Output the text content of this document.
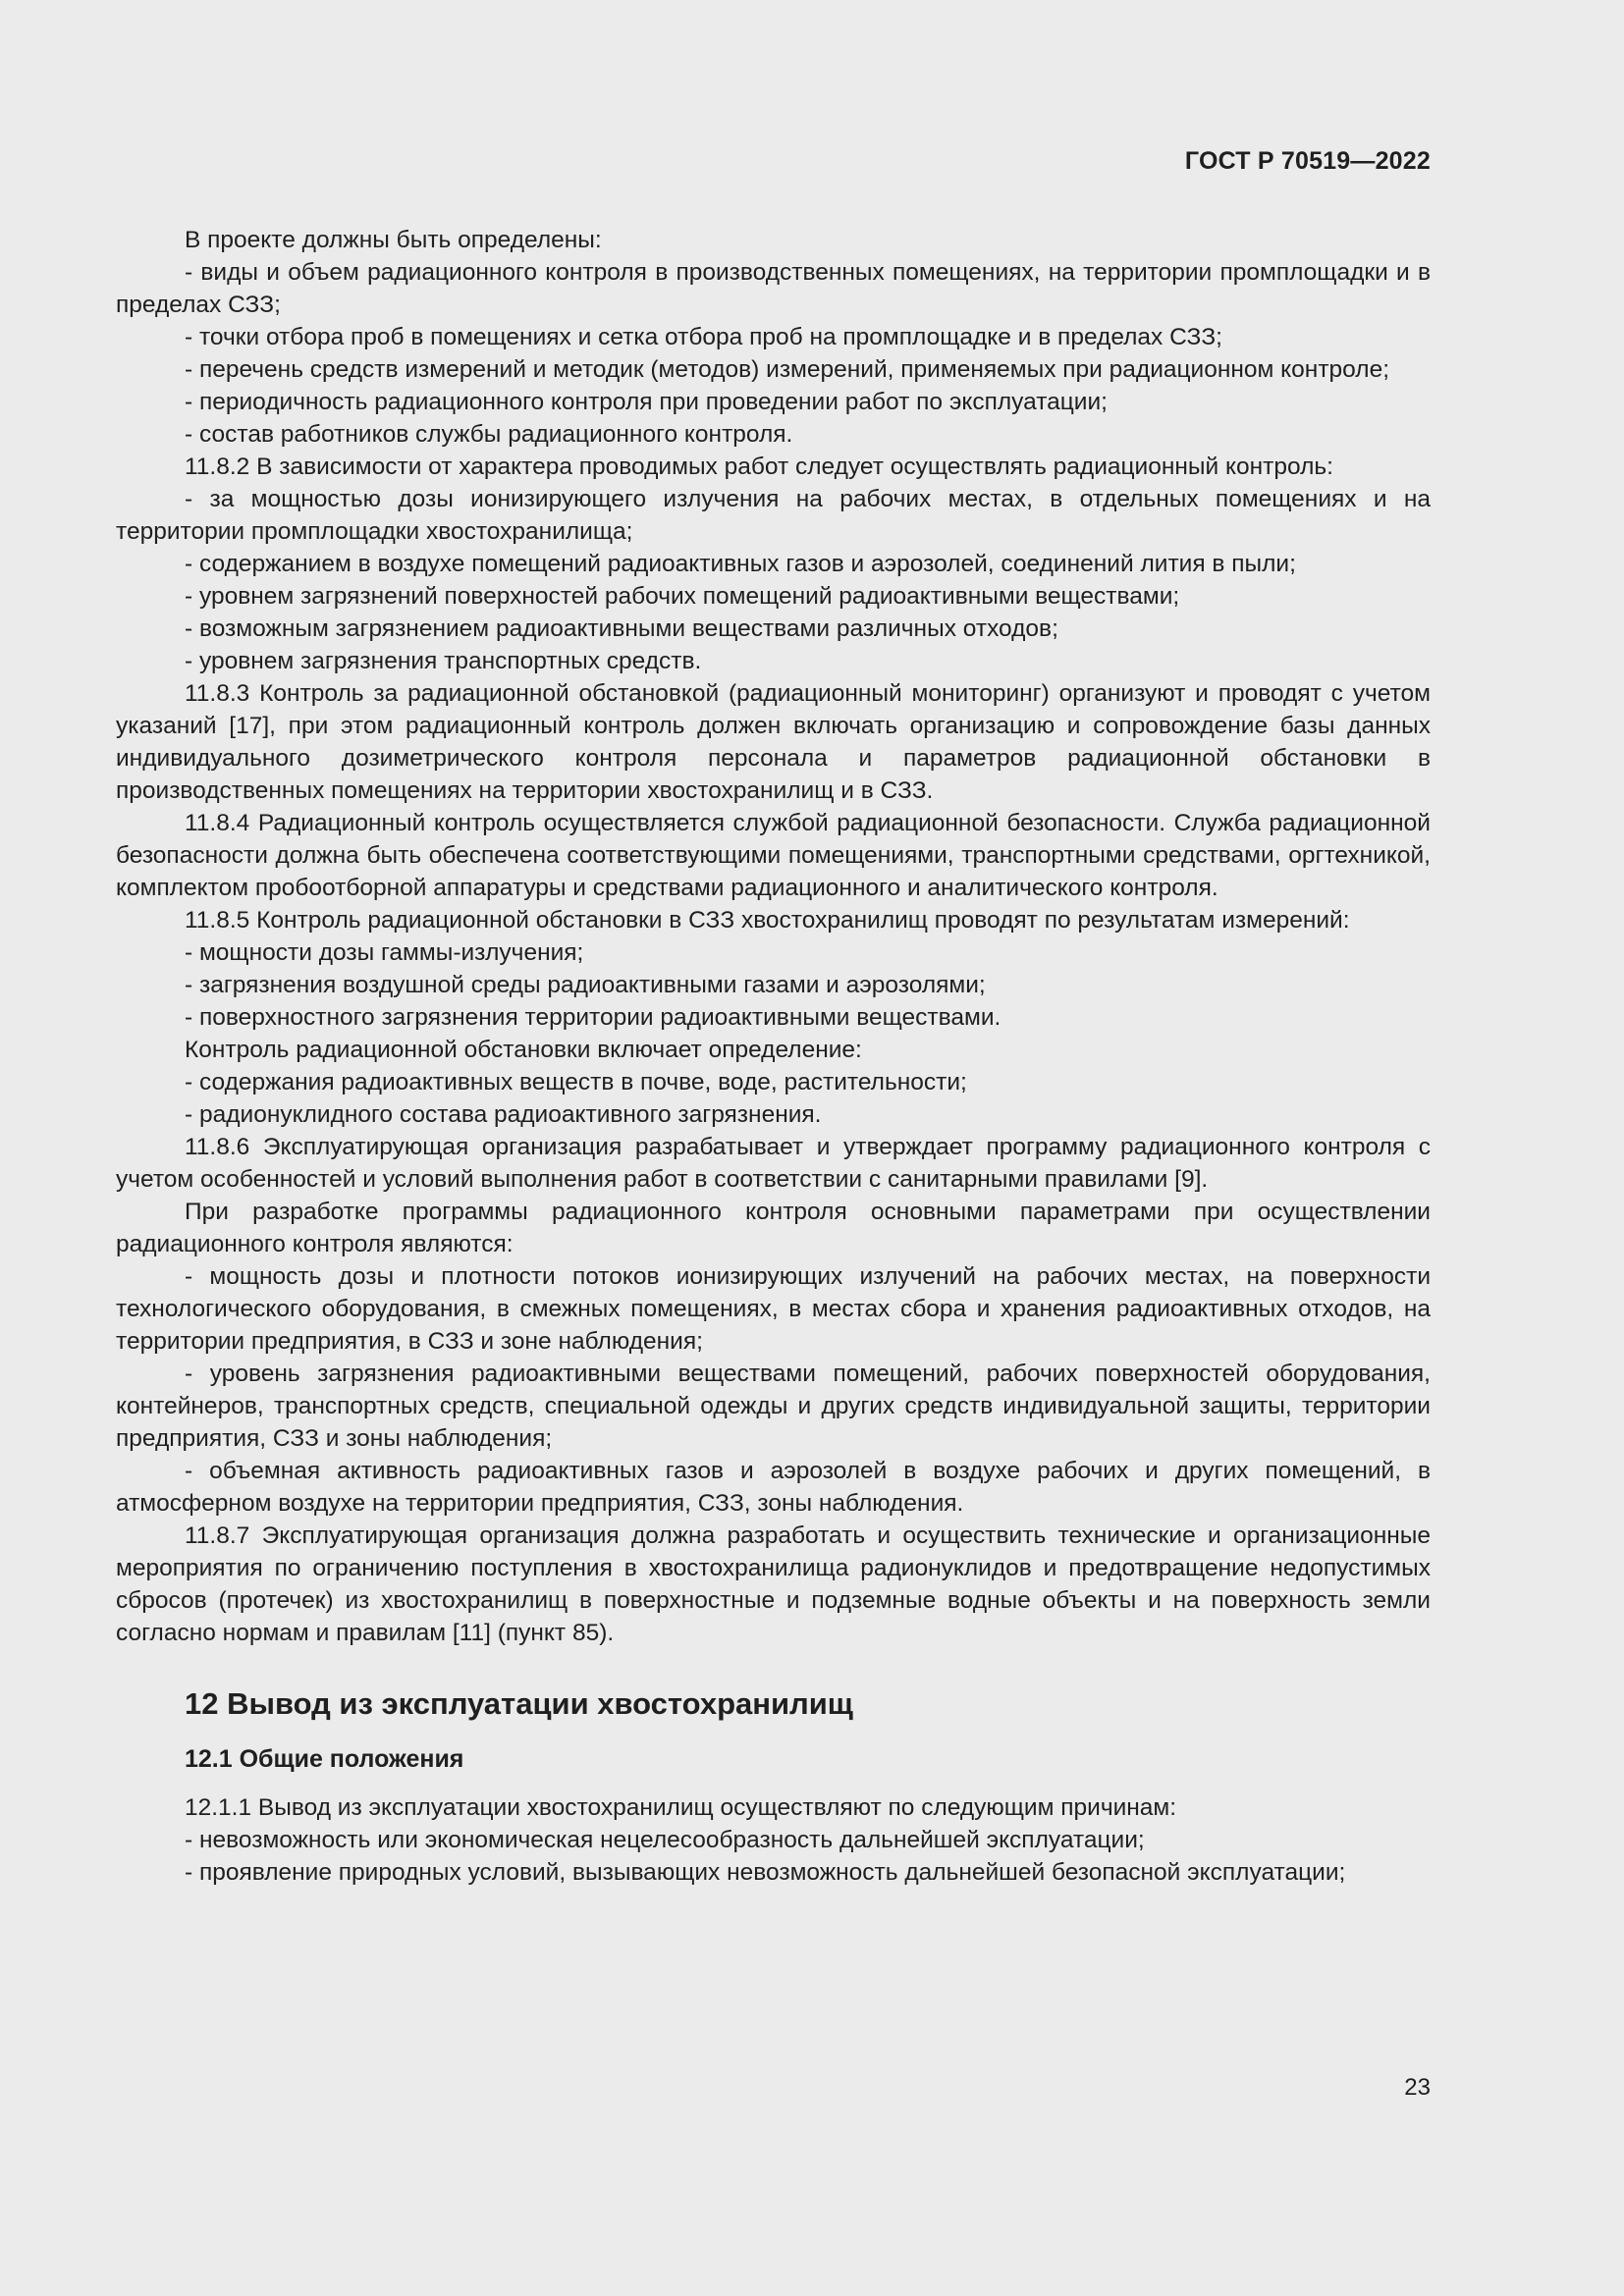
ГОСТ Р 70519—2022

В проекте должны быть определены:

- виды и объем радиационного контроля в производственных помещениях, на территории промплощадки и в пределах СЗЗ;

- точки отбора проб в помещениях и сетка отбора проб на промплощадке и в пределах СЗЗ;

- перечень средств измерений и методик (методов) измерений, применяемых при радиационном контроле;

- периодичность радиационного контроля при проведении работ по эксплуатации;

- состав работников службы радиационного контроля.

11.8.2 В зависимости от характера проводимых работ следует осуществлять радиационный контроль:

- за мощностью дозы ионизирующего излучения на рабочих местах, в отдельных помещениях и на территории промплощадки хвостохранилища;

- содержанием в воздухе помещений радиоактивных газов и аэрозолей, соединений лития в пыли;

- уровнем загрязнений поверхностей рабочих помещений радиоактивными веществами;

- возможным загрязнением радиоактивными веществами различных отходов;

- уровнем загрязнения транспортных средств.

11.8.3 Контроль за радиационной обстановкой (радиационный мониторинг) организуют и проводят с учетом указаний [17], при этом радиационный контроль должен включать организацию и сопровождение базы данных индивидуального дозиметрического контроля персонала и параметров радиационной обстановки в производственных помещениях на территории хвостохранилищ и в СЗЗ.

11.8.4 Радиационный контроль осуществляется службой радиационной безопасности. Служба радиационной безопасности должна быть обеспечена соответствующими помещениями, транспортными средствами, оргтехникой, комплектом пробоотборной аппаратуры и средствами радиационного и аналитического контроля.

11.8.5 Контроль радиационной обстановки в СЗЗ хвостохранилищ проводят по результатам измерений:

- мощности дозы гаммы-излучения;

- загрязнения воздушной среды радиоактивными газами и аэрозолями;

- поверхностного загрязнения территории радиоактивными веществами.

Контроль радиационной обстановки включает определение:

- содержания радиоактивных веществ в почве, воде, растительности;

- радионуклидного состава радиоактивного загрязнения.

11.8.6 Эксплуатирующая организация разрабатывает и утверждает программу радиационного контроля с учетом особенностей и условий выполнения работ в соответствии с санитарными правилами [9].

При разработке программы радиационного контроля основными параметрами при осуществлении радиационного контроля являются:

- мощность дозы и плотности потоков ионизирующих излучений на рабочих местах, на поверхности технологического оборудования, в смежных помещениях, в местах сбора и хранения радиоактивных отходов, на территории предприятия, в СЗЗ и зоне наблюдения;

- уровень загрязнения радиоактивными веществами помещений, рабочих поверхностей оборудования, контейнеров, транспортных средств, специальной одежды и других средств индивидуальной защиты, территории предприятия, СЗЗ и зоны наблюдения;

- объемная активность радиоактивных газов и аэрозолей в воздухе рабочих и других помещений, в атмосферном воздухе на территории предприятия, СЗЗ, зоны наблюдения.

11.8.7 Эксплуатирующая организация должна разработать и осуществить технические и организационные мероприятия по ограничению поступления в хвостохранилища радионуклидов и предотвращение недопустимых сбросов (протечек) из хвостохранилищ в поверхностные и подземные водные объекты и на поверхность земли согласно нормам и правилам [11] (пункт 85).

12 Вывод из эксплуатации хвостохранилищ
12.1 Общие положения

12.1.1 Вывод из эксплуатации хвостохранилищ осуществляют по следующим причинам:

- невозможность или экономическая нецелесообразность дальнейшей эксплуатации;

- проявление природных условий, вызывающих невозможность дальнейшей безопасной эксплуатации;

23
